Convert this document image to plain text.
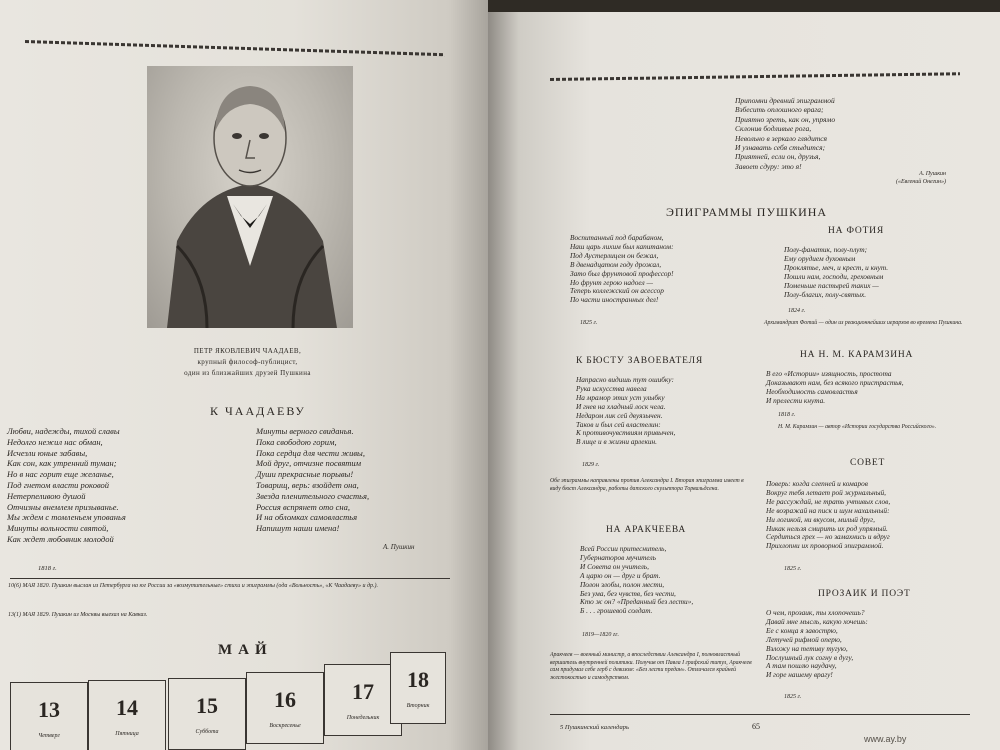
ПЕТР ЯКОВЛЕВИЧ ЧААДАЕВ,
крупный философ-публицист,
один из близжайших друзей Пушкина
К ЧААДАЕВУ
Любви, надежды, тихой славы
Недолго нежил нас обман,
Исчезли юные забавы,
Как сон, как утренний туман;
Но в нас горит еще желанье,
Под гнетом власти роковой
Нетерпеливою душой
Отчизны внемлем призыванье.
Мы ждем с томленьем упованья
Минуты вольности святой,
Как ждет любовник молодой
Минуты верного свиданья.
Пока свободою горим,
Пока сердца для чести живы,
Мой друг, отчизне посвятим
Души прекрасные порывы!
Товарищ, верь: взойдет она,
Звезда пленительного счастья,
Россия вспрянет ото сна,
И на обломках самовластья
Напишут наши имена!
А. Пушкин
1818 г.
10(6) МАЯ 1820. Пушкин выслан из Петербурга на юг России за «возмутительные» стихи и эпиграммы (ода «Вольность», «К Чаадаеву» и др.).
13(1) МАЯ 1829. Пушкин из Москвы выехал на Кавказ.
МАЙ
13
Четверг
14
Пятница
15
Суббота
16
Воскресенье
17
Понедельник
18
Вторник
Припомни древний эпиграммой
Взбесить оплошного врага;
Приятно зреть, как он, упрямо
Склонив бодливые рога,
Невольно в зеркало глядится
И узнавать себя стыдится;
Приятней, если он, друзья,
Завоет сдуру: это я!
А. Пушкин
(«Евгений Онегин»)
ЭПИГРАММЫ ПУШКИНА
Воспитанный под барабаном,
Наш царь лихим был капитаном:
Под Аустерлицем он бежал,
В двенадцатом году дрожал,
Зато был фрунтовой профессор!
Но фрунт герою надоел —
Теперь коллежский он асессор
По части иностранных дел!
1825 г.
К БЮСТУ ЗАВОЕВАТЕЛЯ
Напрасно видишь тут ошибку:
Рука искусства навела
На мрамор этих уст улыбку
И гнев на хладный лоск чела.
Недаром лик сей двуязычен.
Таков и был сей властелин:
К противочувствиям привычен,
В лице и в жизни арлекин.
1829 г.
Обе эпиграммы направлены против Александра I. Вторая эпиграмма имеет в виду бюст Александра, работы датского скульптора Торвальдсена.
НА АРАКЧЕЕВА
Всей России притеснитель,
Губернаторов мучитель
И Совета он учитель,
А царю он — друг и брат.
Полон злобы, полон мести,
Без ума, без чувств, без чести,
Кто ж он? «Преданный без лести»,
Б . . . грошевой солдат.
1819—1820 гг.
Аракчеев — военный министр, а впоследствии Александра I, полновластный вершитель внутренней политики. Получив от Павла I графский титул, Аракчеев сам придумал себе герб с девизом: «Без лести предан». Отличался крайней жестокостью и самодурством.
НА ФОТИЯ
Полу-фанатик, полу-плут;
Ему орудием духовным
Проклятье, меч, и крест, и кнут.
Пошли нам, господи, греховным
Поменьше пастырей таких —
Полу-благих, полу-святых.
1824 г.
Архимандрит Фотий — один из реакционнейших иерархов во времена Пушкина.
НА Н. М. КАРАМЗИНА
В его «Истории» изящность, простота
Доказывают нам, без всякого пристрастья,
Необходимость самовластья
И прелести кнута.
1818 г.
Н. М. Карамзин — автор «Истории государства Российского».
СОВЕТ
Поверь: когда слепней и комаров
Вокруг тебя летает рой журнальный,
Не рассуждай, не трать учтивых слов,
Не возражай на писк и шум нахальный:
Ни логикой, ни вкусом, милый друг,
Никак нельзя смирить их род упрямый.
Сердиться грех — но замахнись и вдруг
Прихлопни их проворной эпиграммой.
1825 г.
ПРОЗАИК И ПОЭТ
О чем, прозаик, ты хлопочешь?
Давай мне мысль, какую хочешь:
Ее с конца я завострю,
Летучей рифмой оперю,
Взложу на тетиву тугую,
Послушный лук согну в дугу,
А там пошлю наудачу,
И горе нашему врагу!
1825 г.
5 Пушкинский календарь	65
www.ay.by
